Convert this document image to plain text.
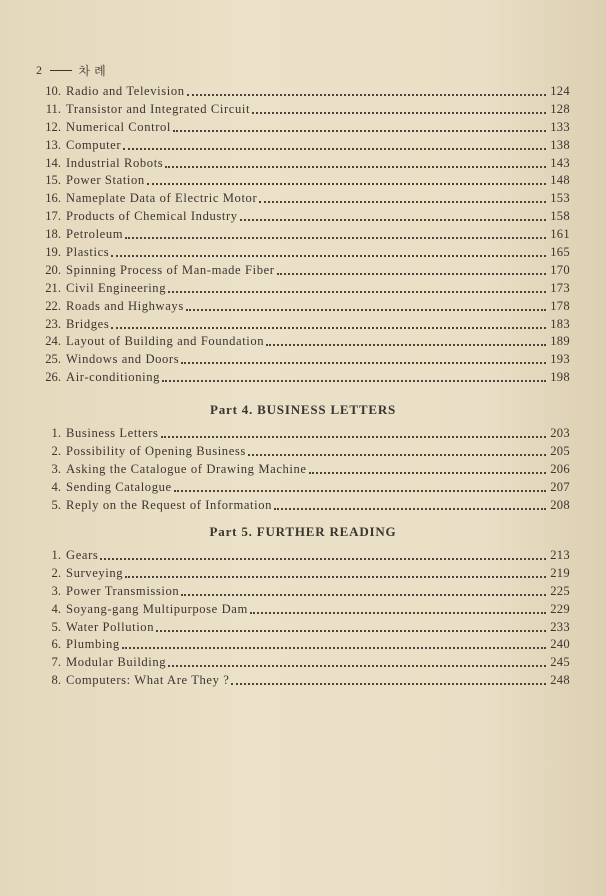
2	차 례
10. Radio and Television	124
11. Transistor and Integrated Circuit	128
12. Numerical Control	133
13. Computer	138
14. Industrial Robots	143
15. Power Station	148
16. Nameplate Data of Electric Motor	153
17. Products of Chemical Industry	158
18. Petroleum	161
19. Plastics	165
20. Spinning Process of Man-made Fiber	170
21. Civil Engineering	173
22. Roads and Highways	178
23. Bridges	183
24. Layout of Building and Foundation	189
25. Windows and Doors	193
26. Air-conditioning	198
Part 4. BUSINESS LETTERS
1. Business Letters	203
2. Possibility of Opening Business	205
3. Asking the Catalogue of Drawing Machine	206
4. Sending Catalogue	207
5. Reply on the Request of Information	208
Part 5. FURTHER READING
1. Gears	213
2. Surveying	219
3. Power Transmission	225
4. Soyang-gang Multipurpose Dam	229
5. Water Pollution	233
6. Plumbing	240
7. Modular Building	245
8. Computers: What Are They ?	248
